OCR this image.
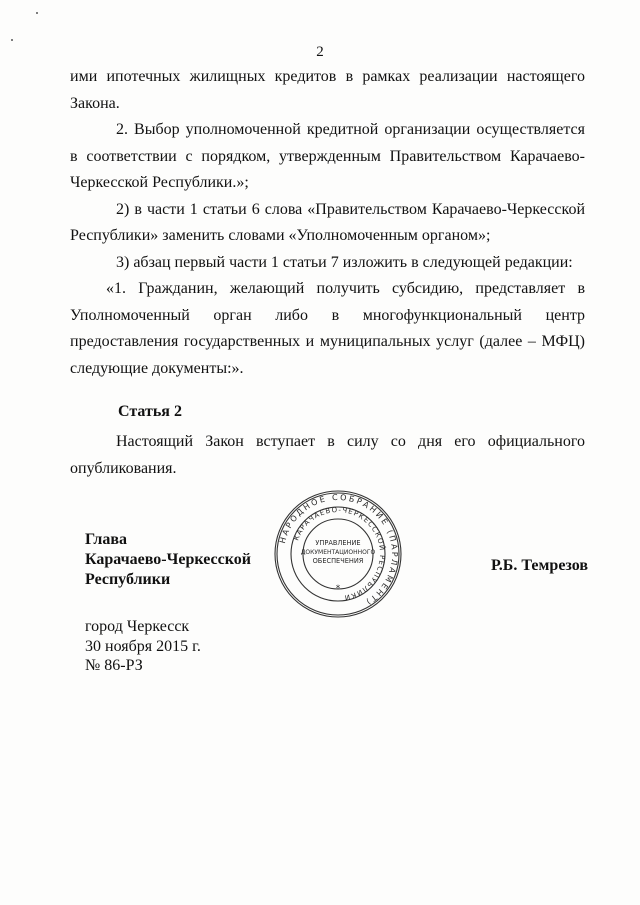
2

ими ипотечных жилищных кредитов в рамках реализации настоящего Закона.

2. Выбор уполномоченной кредитной организации осуществляется в соответствии с порядком, утвержденным Правительством Карачаево-Черкесской Республики.»;

2) в части 1 статьи 6 слова «Правительством Карачаево-Черкесской Республики» заменить словами «Уполномоченным органом»;

3) абзац первый части 1 статьи 7 изложить в следующей редакции:

«1. Гражданин, желающий получить субсидию, представляет в Уполномоченный орган либо в многофункциональный центр предоставления государственных и муниципальных услуг (далее – МФЦ) следующие документы:».

Статья 2

Настоящий Закон вступает в силу со дня его официального опубликования.

Глава
Карачаево-Черкесской
Республики
НАРОДНОЕ СОБРАНИЕ (ПАРЛАМЕНТ)
КАРАЧАЕВО-ЧЕРКЕССКОЙ РЕСПУБЛИКИ
УПРАВЛЕНИЕ
ДОКУМЕНТАЦИОННОГО
ОБЕСПЕЧЕНИЯ
*
Р.Б. Темрезов
город Черкесск
30 ноября 2015 г.
№ 86-РЗ
